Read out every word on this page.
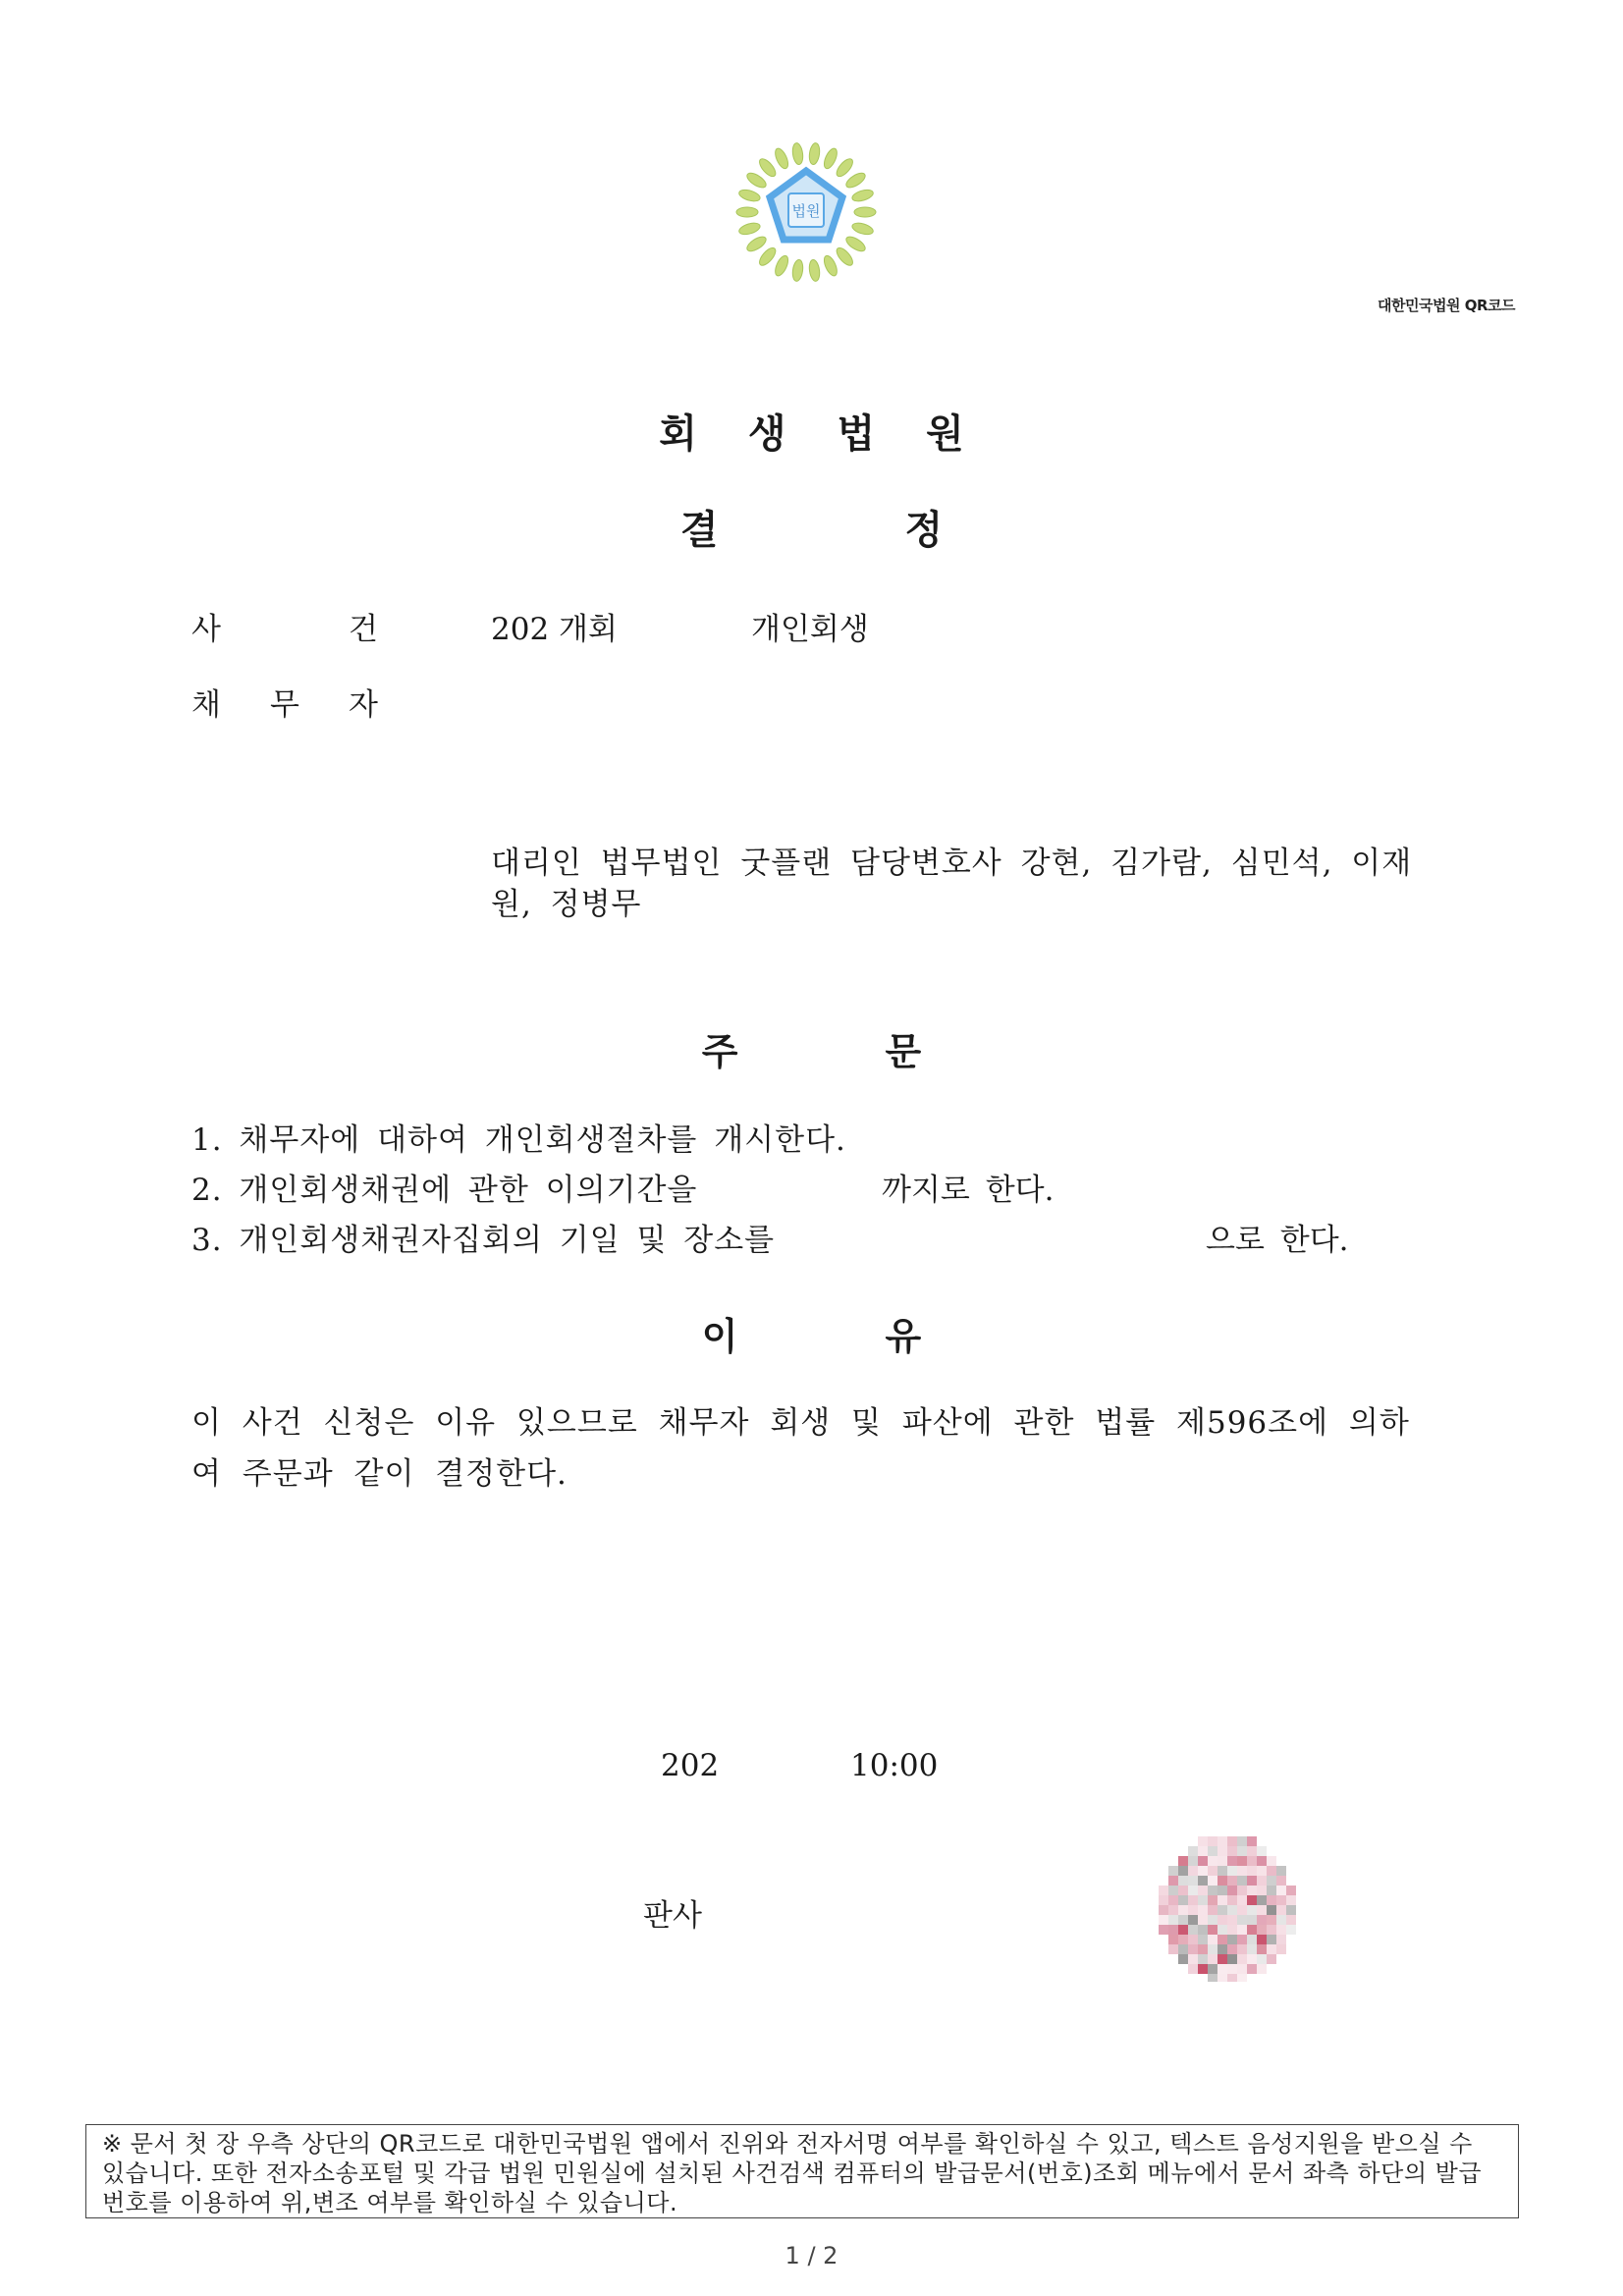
법원
대한민국법원 QR코드
회생법원
결정
사	건	202 개회	개인회생
채 무 자
대리인 법무법인 굿플랜 담당변호사 강현, 김가람, 심민석, 이재원, 정병무
주문
1. 채무자에 대하여 개인회생절차를 개시한다.
2. 개인회생채권에 관한 이의기간을	까지로 한다.
3. 개인회생채권자집회의 기일 및 장소를	으로 한다.
이유
이 사건 신청은 이유 있으므로 채무자 회생 및 파산에 관한 법률 제596조에 의하여 주문과 같이 결정한다.
202	10:00
판사
※ 문서 첫 장 우측 상단의 QR코드로 대한민국법원 앱에서 진위와 전자서명 여부를 확인하실 수 있고, 텍스트 음성지원을 받으실 수 있습니다. 또한 전자소송포털 및 각급 법원 민원실에 설치된 사건검색 컴퓨터의 발급문서(번호)조회 메뉴에서 문서 좌측 하단의 발급번호를 이용하여 위,변조 여부를 확인하실 수 있습니다.
1 / 2
